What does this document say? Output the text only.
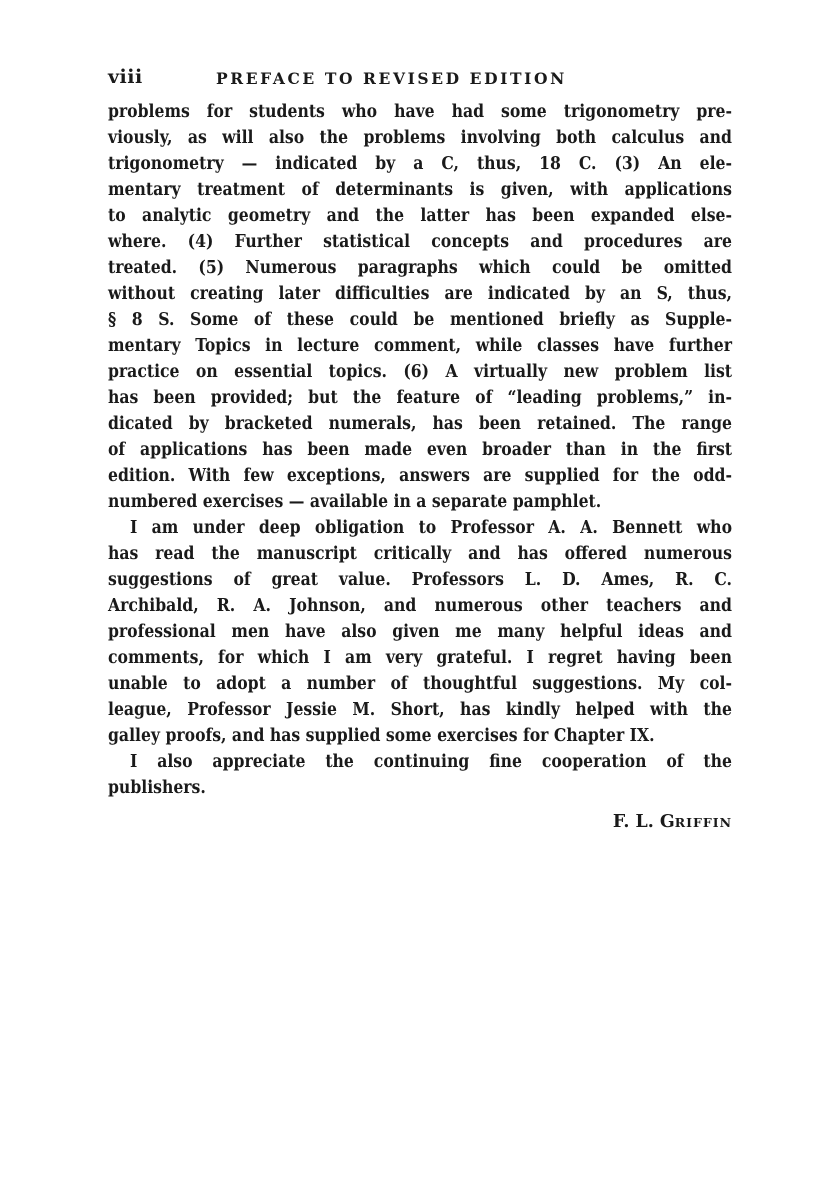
viii	PREFACE TO REVISED EDITION
problems for students who have had some trigonometry pre-
viously, as will also the problems involving both calculus and
trigonometry — indicated by a C, thus, 18 C. (3) An ele-
mentary treatment of determinants is given, with applications
to analytic geometry and the latter has been expanded else-
where. (4) Further statistical concepts and procedures are
treated. (5) Numerous paragraphs which could be omitted
without creating later difficulties are indicated by an S, thus,
§ 8 S. Some of these could be mentioned briefly as Supple-
mentary Topics in lecture comment, while classes have further
practice on essential topics. (6) A virtually new problem list
has been provided; but the feature of “leading problems,” in-
dicated by bracketed numerals, has been retained. The range
of applications has been made even broader than in the first
edition. With few exceptions, answers are supplied for the odd-
numbered exercises — available in a separate pamphlet.
I am under deep obligation to Professor A. A. Bennett who
has read the manuscript critically and has offered numerous
suggestions of great value. Professors L. D. Ames, R. C.
Archibald, R. A. Johnson, and numerous other teachers and
professional men have also given me many helpful ideas and
comments, for which I am very grateful. I regret having been
unable to adopt a number of thoughtful suggestions. My col-
league, Professor Jessie M. Short, has kindly helped with the
galley proofs, and has supplied some exercises for Chapter IX.
I also appreciate the continuing fine cooperation of the
publishers.
F. L. GRIFFIN
